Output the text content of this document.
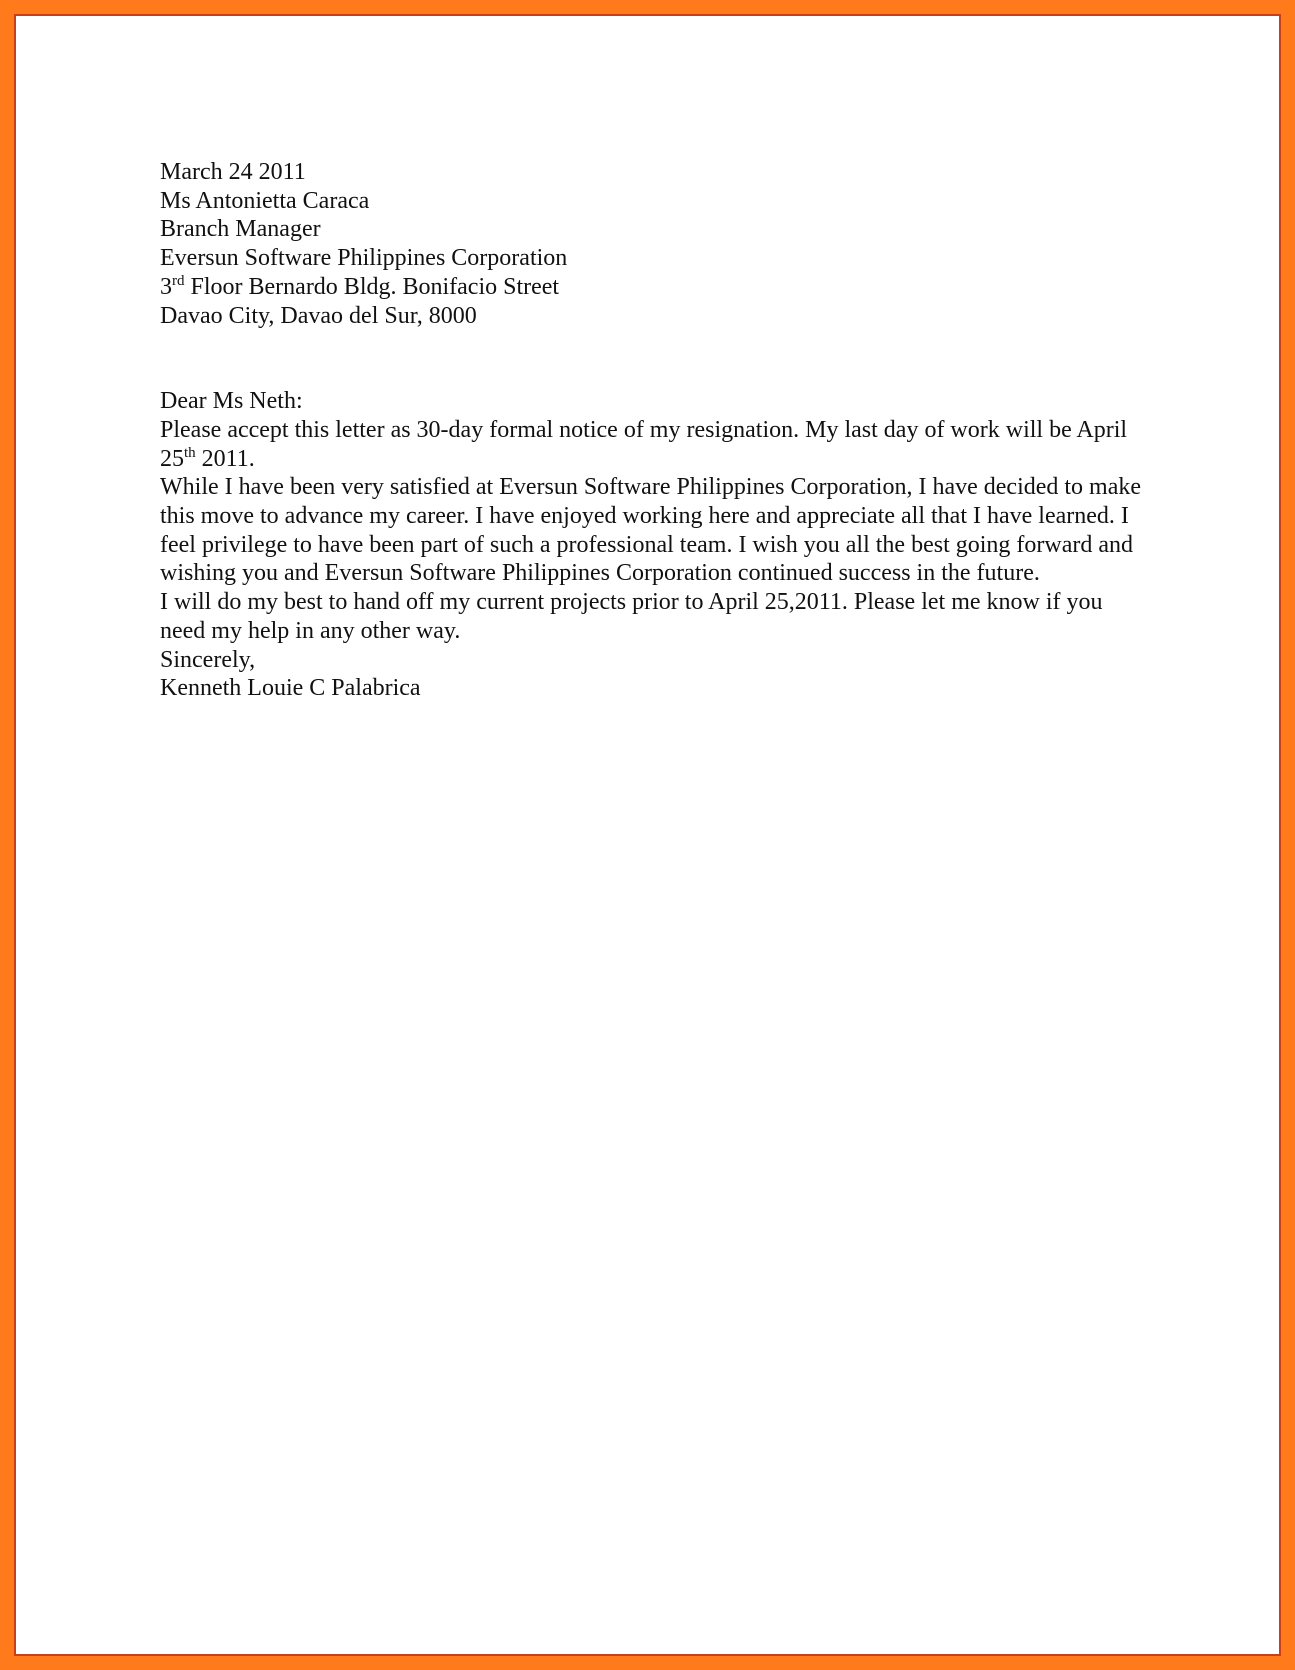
March 24 2011

Ms Antonietta Caraca

Branch Manager

Eversun Software Philippines Corporation

3rd Floor Bernardo Bldg. Bonifacio Street

Davao City, Davao del Sur, 8000

Dear Ms Neth:

Please accept this letter as 30-day formal notice of my resignation. My last day of work will be April 25th 2011.

While I have been very satisfied at Eversun Software Philippines Corporation, I have decided to make this move to advance my career. I have enjoyed working here and appreciate all that I have learned. I feel privilege to have been part of such a professional team. I wish you all the best going forward and wishing you and Eversun Software Philippines Corporation continued success in the future.

I will do my best to hand off my current projects prior to April 25,2011. Please let me know if you need my help in any other way.

Sincerely,

Kenneth Louie C Palabrica
